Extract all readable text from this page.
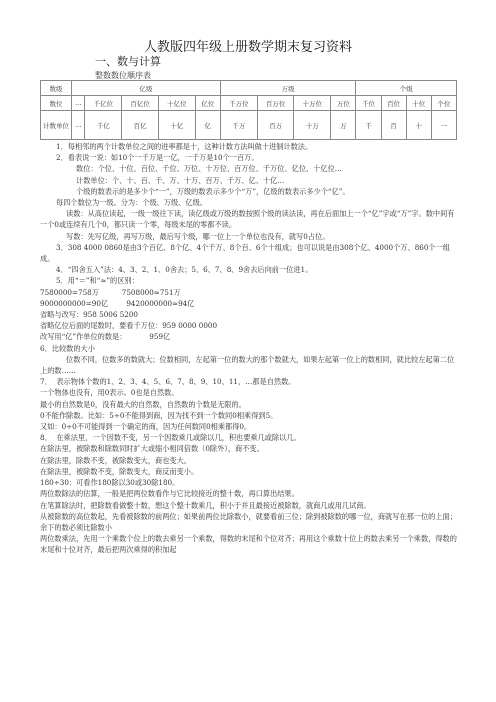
人教版四年级上册数学期末复习资料
一、数与计算
整数数位顺序表
数级	亿级					万级				个级			
数位	…	千亿位	百亿位	十亿位	亿位	千万位	百万位	十万位	万位	千位	百位	十位	个位
计数单位	…	千亿	百亿	十亿	亿	千万	百万	十万	万	千	百	十	一

1．每相邻的两个计数单位之间的进率都是十，这种计数方法叫做十进制计数法。

2．看表说一说：如10个一千万是一亿，一千万是10个一百万。

数位：个位、十位、百位、千位、万位、十万位、百万位、千万位、亿位、十亿位…

计数单位：个、十、百、千、万、十万、百万、千万、亿、十亿…

个级的数表示的是多少个“一”，万级的数表示多少个“万”，亿级的数表示多少个“亿”。

每四个数位为一级。分为：个级、万级、亿级。

读数：从高位读起，一级一级往下读，读亿级或万级的数按照个级的读法读，再在后面加上一个“亿”字或“万”字。数中间有一个0或连续有几个0，都只读一个零，每级末尾的零都不读。

写数：先写亿级，再写万级，最后写个级，哪一位上一个单位也没有，就写0占位。

3．308 4000 0860是由3个百亿、8个亿、4个千万、8个百、6个十组成；也可以说是由308个亿、4000个万、860个一组成。

4．“四舍五入”法：4、3、2、1、0舍去；5、6、7、8、9舍去后向前一位进1。

5．用“＝”和“≈”的区别：

7580000=758万          7508000≈751万

9000000000=90亿        9420000000≈94亿

省略与改写：958 5006 5200

省略亿位后面的尾数时，要看千万位：959 0000 0000

改写用“亿”作单位的数是：          959亿

6．比较数的大小

位数不同，位数多的数就大；位数相同，左起第一位的数大的那个数就大，如果左起第一位上的数相同，就比较左起第二位上的数……

7．  表示物体个数的1、2、3、4、5、6、7、8、9、10、11，…都是自然数。

一个物体也没有，用0表示。0也是自然数。

最小的自然数是0，没有最大的自然数，自然数的个数是无限的。

0不能作除数。比如：5÷0不能得到商，因为找不到一个数同0相乘得到5。

又如：0÷0不可能得到一个确定的商，因为任何数同0相乘都得0。

8．  在乘法里，一个因数不变，另一个因数乘几或除以几，积也要乘几或除以几。

在除法里，被除数和除数同时扩大或缩小相同倍数（0除外），商不变。

在除法里，除数不变，被除数变大，商也变大。

在除法里，被除数不变，除数变大，商反而变小。

180÷30：可看作180除以30或30除180。

两位数除法的估算，一般是把两位数看作与它比较接近的整十数，再口算出结果。

在笔算除法时，把除数看做整十数，想这个整十数乘几，积小于并且最接近被除数，就商几或用几试商。

从被除数的高位数起，先看被除数的前两位；如果前两位比除数小，就要看前三位；除到被除数的哪一位，商就写在那一位的上面；余下的数必须比除数小

两位数乘法，先用一个乘数个位上的数去乘另一个乘数，得数的末尾和个位对齐；再用这个乘数十位上的数去乘另一个乘数，得数的末尾和十位对齐，最后把两次乘得的积加起
